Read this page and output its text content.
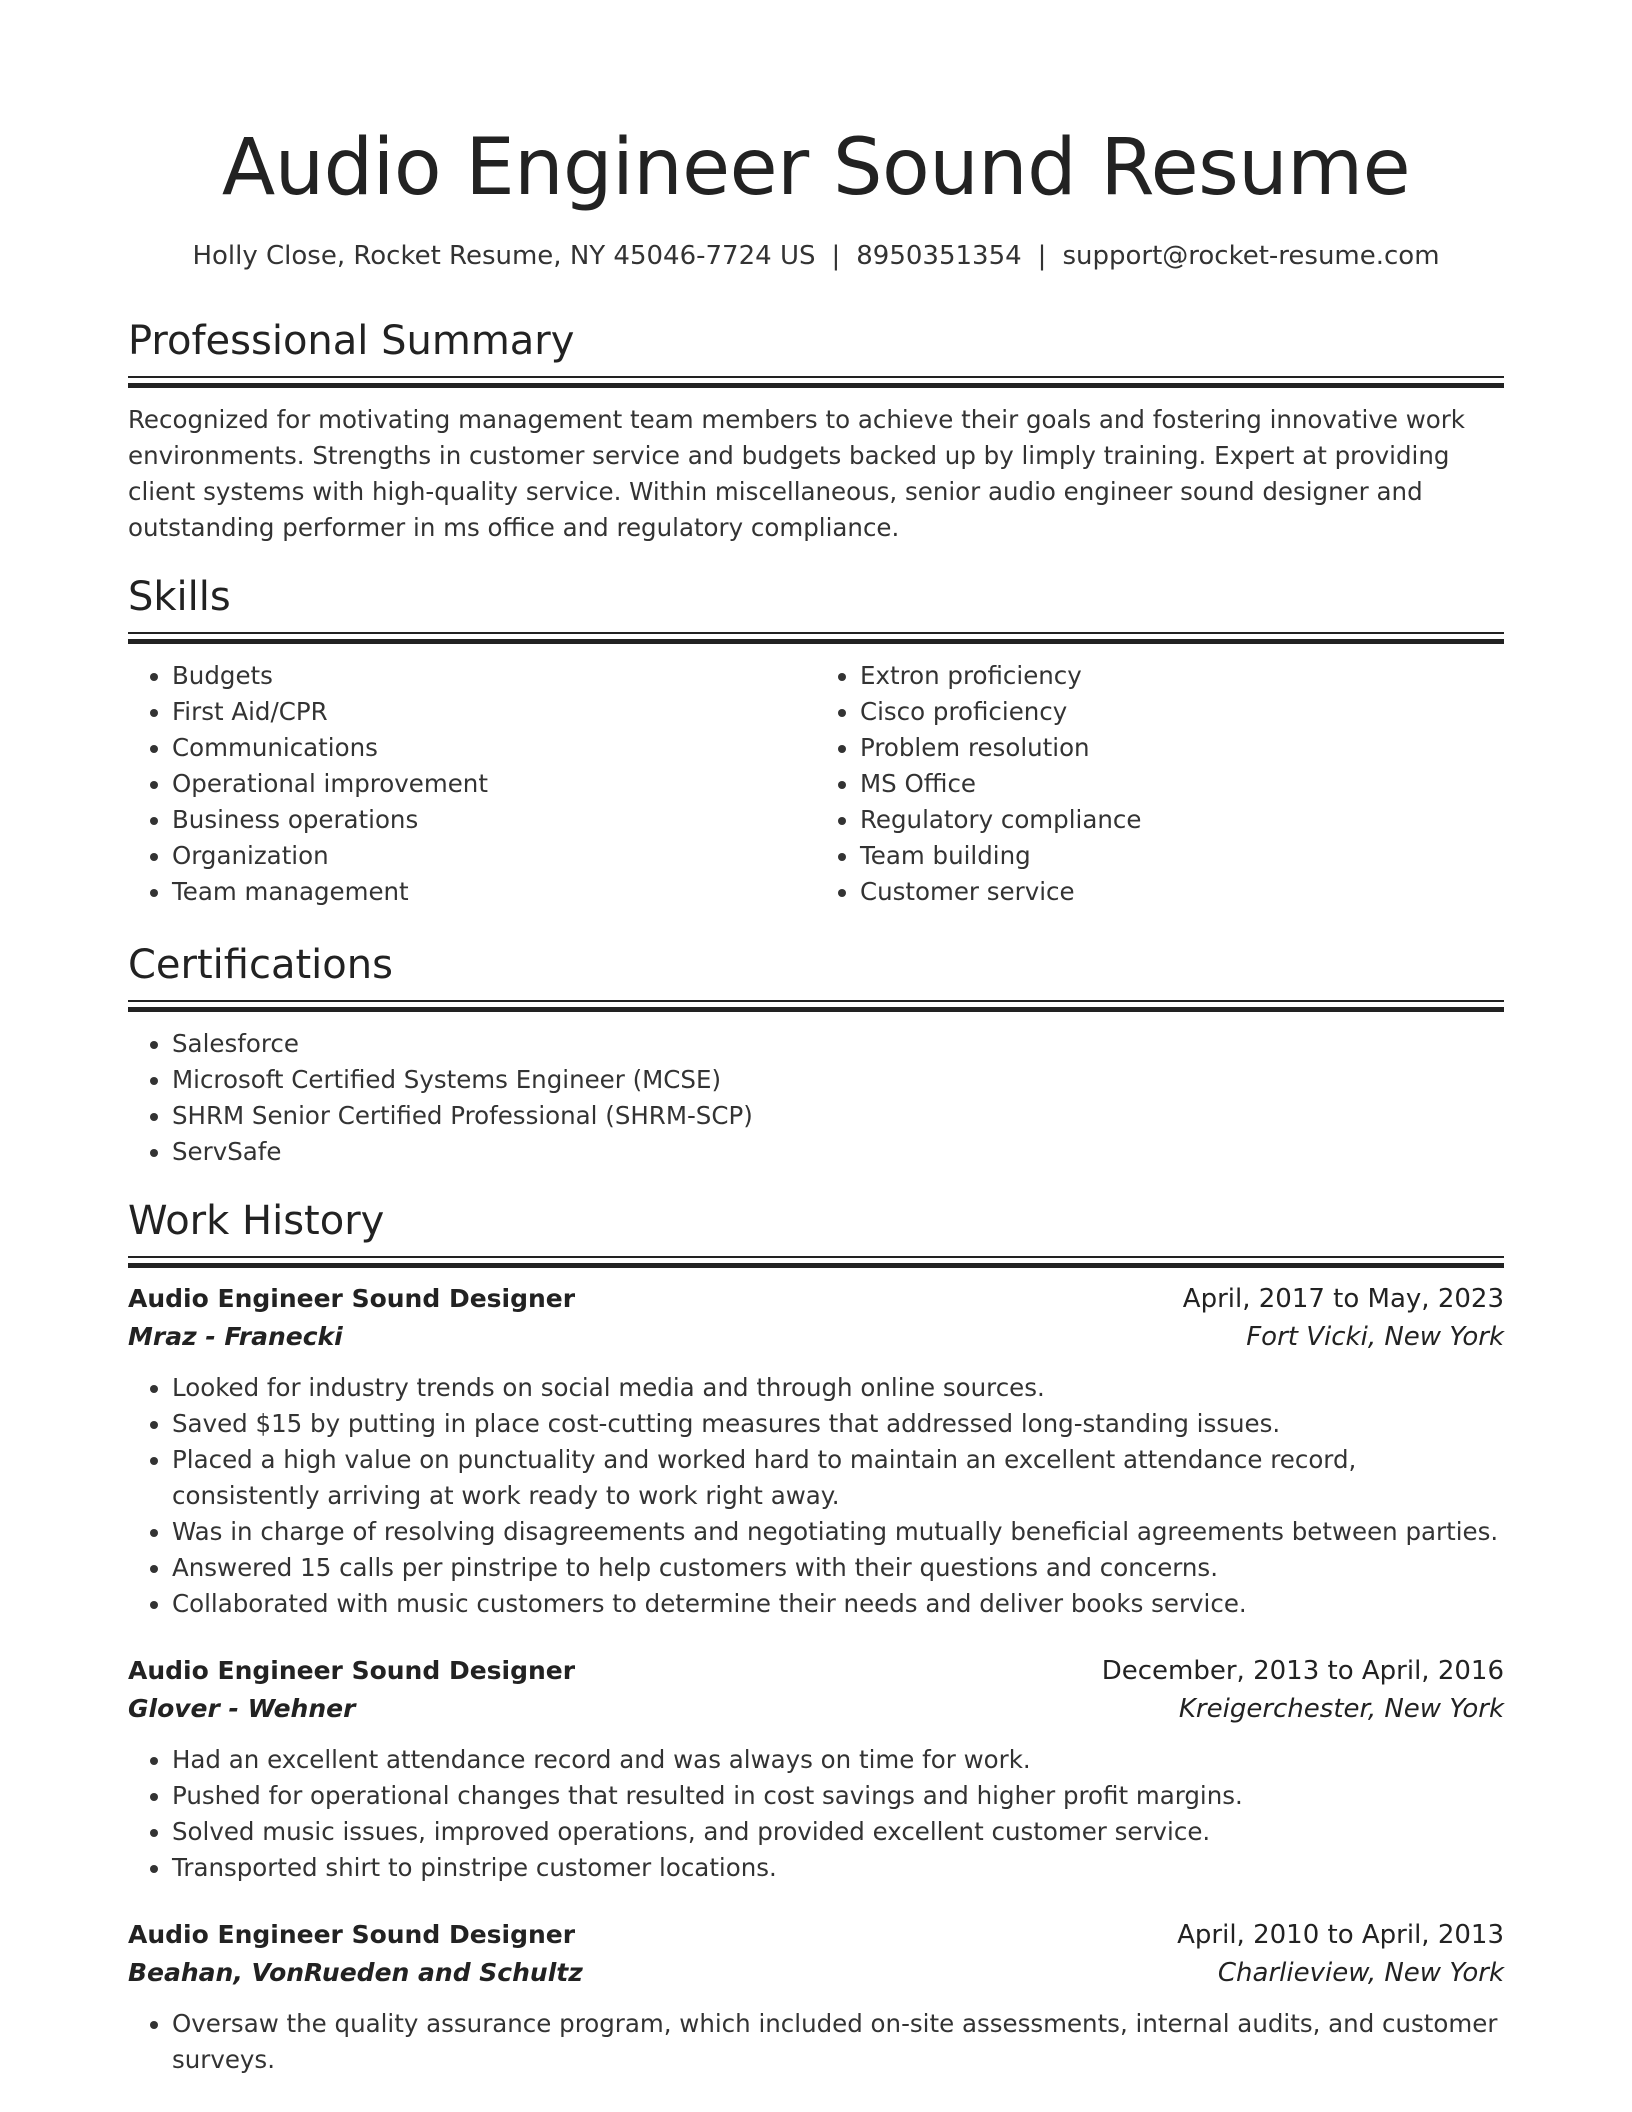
Audio Engineer Sound Resume
Holly Close, Rocket Resume, NY 45046-7724 US | 8950351354 | support@rocket-resume.com
Professional Summary
Recognized for motivating management team members to achieve their goals and fostering innovative work environments. Strengths in customer service and budgets backed up by limply training. Expert at providing client systems with high-quality service. Within miscellaneous, senior audio engineer sound designer and outstanding performer in ms office and regulatory compliance.
Skills
• Budgets
• First Aid/CPR
• Communications
• Operational improvement
• Business operations
• Organization
• Team management
• Extron proficiency
• Cisco proficiency
• Problem resolution
• MS Office
• Regulatory compliance
• Team building
• Customer service
Certifications
• Salesforce
• Microsoft Certified Systems Engineer (MCSE)
• SHRM Senior Certified Professional (SHRM-SCP)
• ServSafe
Work History
Audio Engineer Sound Designer	April, 2017 to May, 2023
Mraz - Franecki	Fort Vicki, New York
• Looked for industry trends on social media and through online sources.
• Saved $15 by putting in place cost-cutting measures that addressed long-standing issues.
• Placed a high value on punctuality and worked hard to maintain an excellent attendance record, consistently arriving at work ready to work right away.
• Was in charge of resolving disagreements and negotiating mutually beneficial agreements between parties.
• Answered 15 calls per pinstripe to help customers with their questions and concerns.
• Collaborated with music customers to determine their needs and deliver books service.
Audio Engineer Sound Designer	December, 2013 to April, 2016
Glover - Wehner	Kreigerchester, New York
• Had an excellent attendance record and was always on time for work.
• Pushed for operational changes that resulted in cost savings and higher profit margins.
• Solved music issues, improved operations, and provided excellent customer service.
• Transported shirt to pinstripe customer locations.
Audio Engineer Sound Designer	April, 2010 to April, 2013
Beahan, VonRueden and Schultz	Charlieview, New York
• Oversaw the quality assurance program, which included on-site assessments, internal audits, and customer surveys.
